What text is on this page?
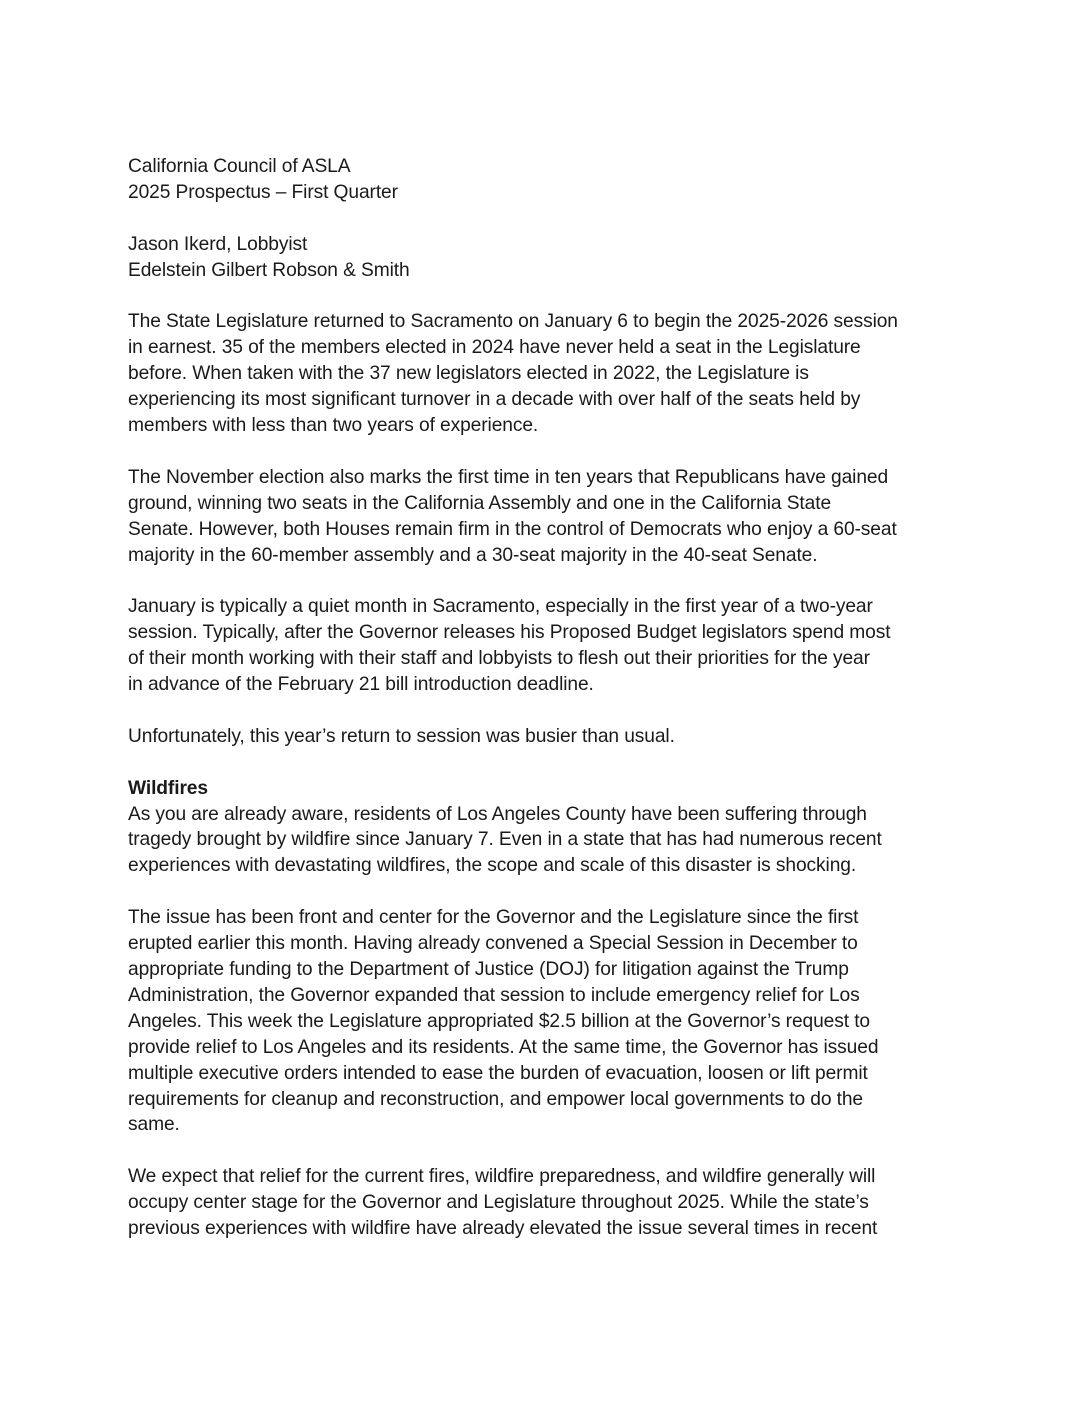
California Council of ASLA
2025 Prospectus – First Quarter

Jason Ikerd, Lobbyist
Edelstein Gilbert Robson & Smith

The State Legislature returned to Sacramento on January 6 to begin the 2025-2026 session
in earnest. 35 of the members elected in 2024 have never held a seat in the Legislature
before. When taken with the 37 new legislators elected in 2022, the Legislature is
experiencing its most significant turnover in a decade with over half of the seats held by
members with less than two years of experience.

The November election also marks the first time in ten years that Republicans have gained
ground, winning two seats in the California Assembly and one in the California State
Senate. However, both Houses remain firm in the control of Democrats who enjoy a 60-seat
majority in the 60-member assembly and a 30-seat majority in the 40-seat Senate.

January is typically a quiet month in Sacramento, especially in the first year of a two-year
session. Typically, after the Governor releases his Proposed Budget legislators spend most
of their month working with their staff and lobbyists to flesh out their priorities for the year
in advance of the February 21 bill introduction deadline.

Unfortunately, this year’s return to session was busier than usual.

Wildfires
As you are already aware, residents of Los Angeles County have been suffering through
tragedy brought by wildfire since January 7. Even in a state that has had numerous recent
experiences with devastating wildfires, the scope and scale of this disaster is shocking.

The issue has been front and center for the Governor and the Legislature since the first
erupted earlier this month. Having already convened a Special Session in December to
appropriate funding to the Department of Justice (DOJ) for litigation against the Trump
Administration, the Governor expanded that session to include emergency relief for Los
Angeles. This week the Legislature appropriated $2.5 billion at the Governor’s request to
provide relief to Los Angeles and its residents. At the same time, the Governor has issued
multiple executive orders intended to ease the burden of evacuation, loosen or lift permit
requirements for cleanup and reconstruction, and empower local governments to do the
same.

We expect that relief for the current fires, wildfire preparedness, and wildfire generally will
occupy center stage for the Governor and Legislature throughout 2025. While the state’s
previous experiences with wildfire have already elevated the issue several times in recent
